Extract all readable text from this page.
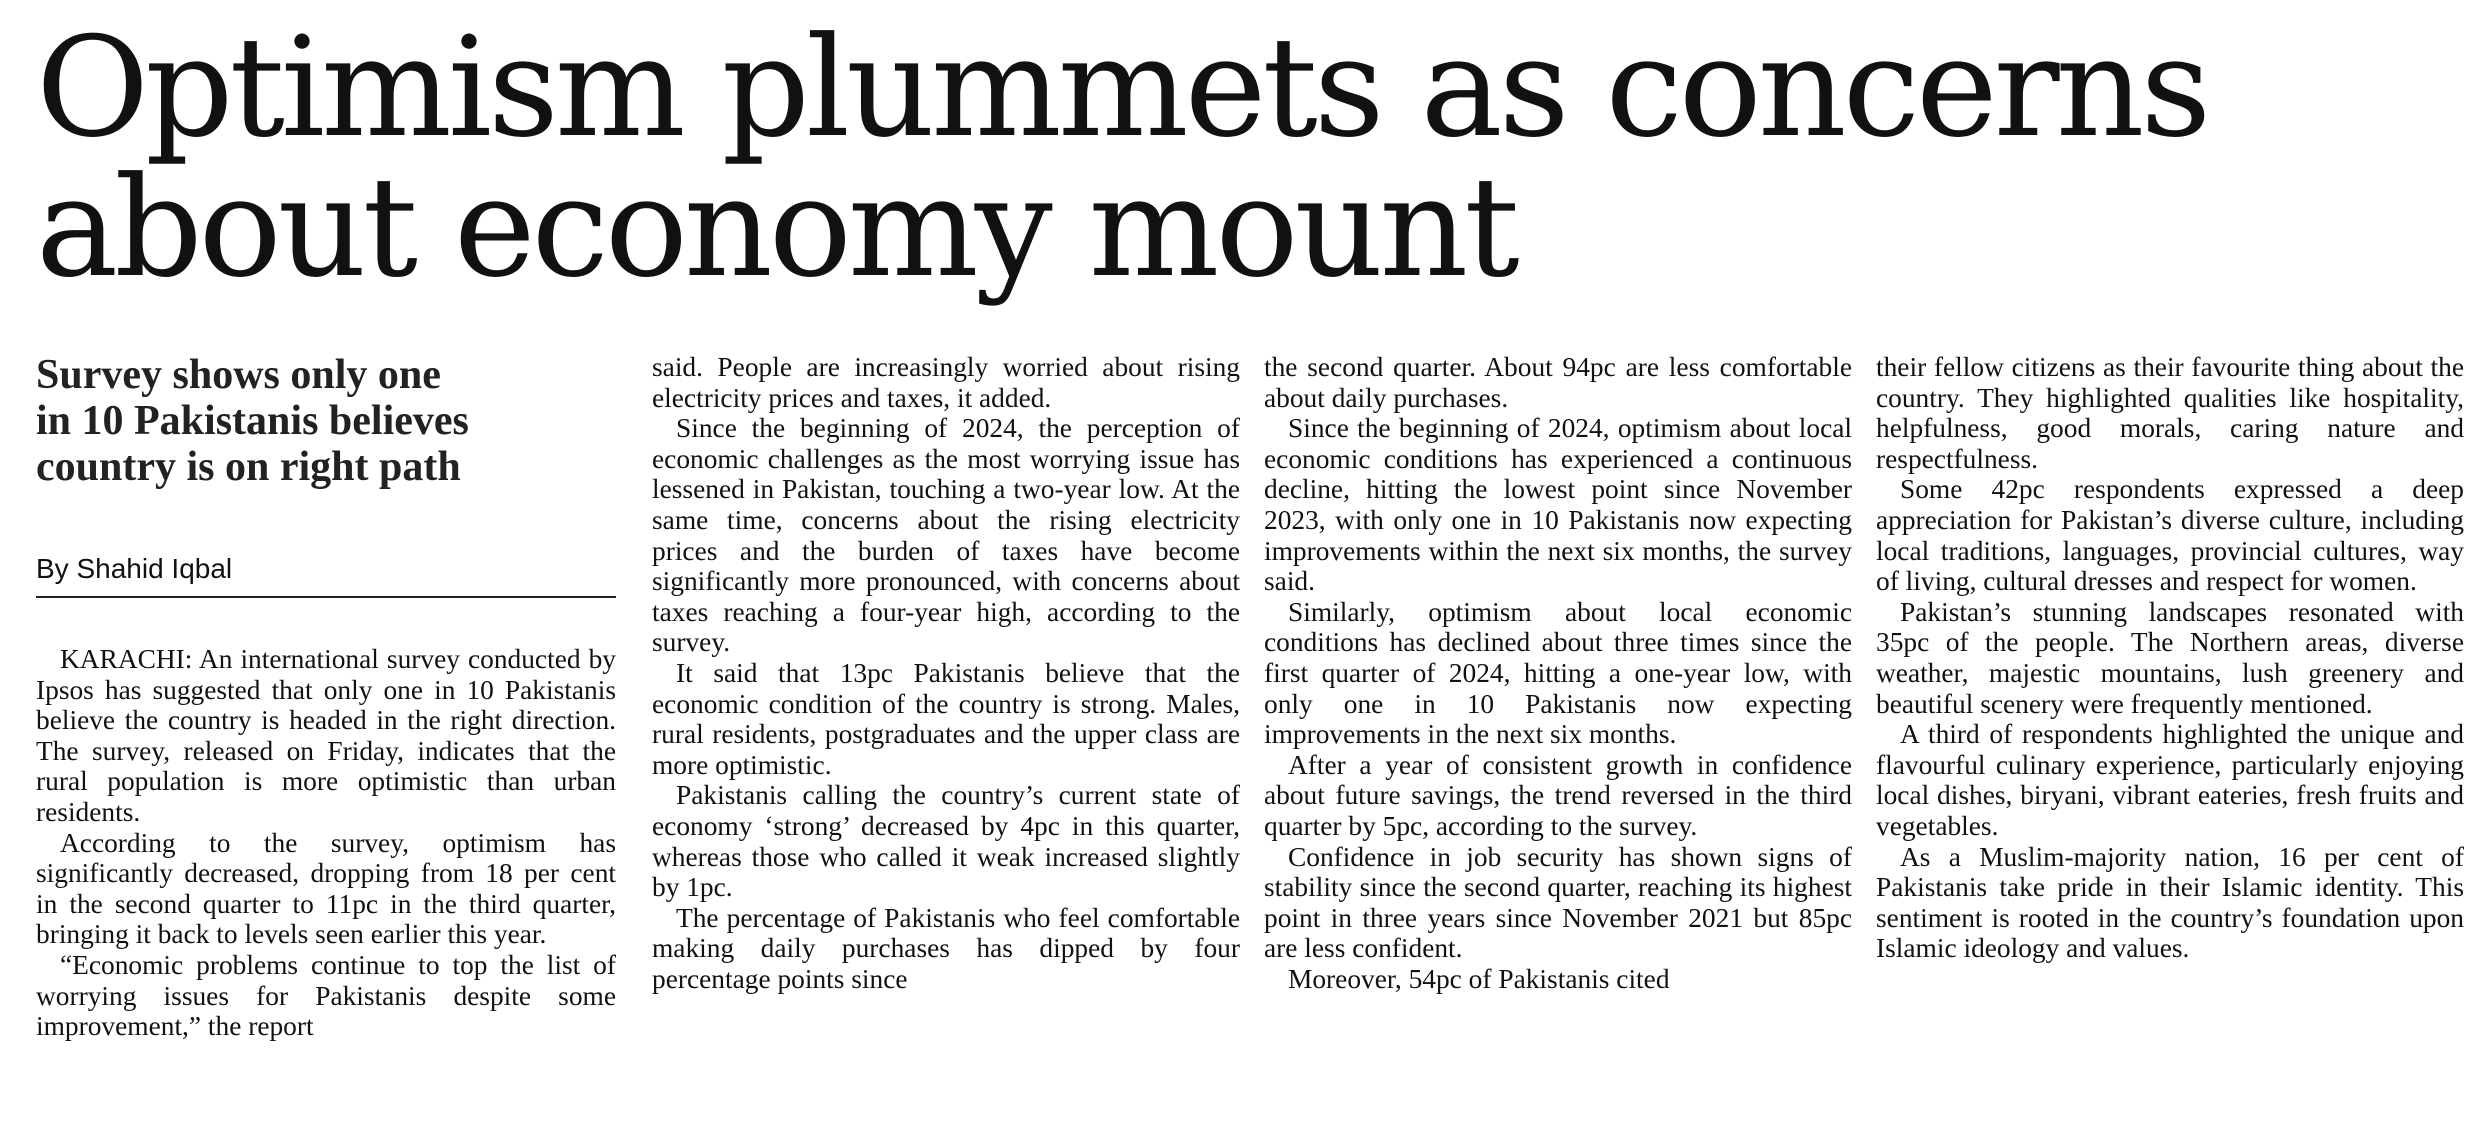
Optimism plummets as concerns
about economy mount
Survey shows only one
in 10 Pakistanis believes
country is on right path
By Shahid Iqbal

KARACHI: An international survey conducted by Ipsos has suggested that only one in 10 Pakistanis believe the country is headed in the right direction. The survey, released on Friday, indicates that the rural population is more optimistic than urban residents.

According to the survey, optimism has significantly decreased, dropping from 18 per cent in the second quarter to 11pc in the third quarter, bringing it back to levels seen earlier this year.

“Economic problems continue to top the list of worrying issues for Pakistanis despite some improvement,” the report

said. People are increasingly worried about rising electricity prices and taxes, it added.

Since the beginning of 2024, the perception of economic challenges as the most worrying issue has lessened in Pakistan, touching a two-year low. At the same time, concerns about the rising electricity prices and the burden of taxes have become significantly more pronounced, with concerns about taxes reaching a four-year high, according to the survey.

It said that 13pc Pakistanis believe that the economic condition of the country is strong. Males, rural residents, postgraduates and the upper class are more optimistic.

Pakistanis calling the country’s current state of economy ‘strong’ decreased by 4pc in this quarter, whereas those who called it weak increased slightly by 1pc.

The percentage of Pakistanis who feel comfortable making daily purchases has dipped by four percentage points since

the second quarter. About 94pc are less comfortable about daily purchases.

Since the beginning of 2024, optimism about local economic conditions has experienced a continuous decline, hitting the lowest point since November 2023, with only one in 10 Pakistanis now expecting improvements within the next six months, the survey said.

Similarly, optimism about local economic conditions has declined about three times since the first quarter of 2024, hitting a one-year low, with only one in 10 Pakistanis now expecting improvements in the next six months.

After a year of consistent growth in confidence about future savings, the trend reversed in the third quarter by 5pc, according to the survey.

Confidence in job security has shown signs of stability since the second quarter, reaching its highest point in three years since November 2021 but 85pc are less confident.

Moreover, 54pc of Pakistanis cited

their fellow citizens as their favourite thing about the country. They highlighted qualities like hospitality, helpfulness, good morals, caring nature and respectfulness.

Some 42pc respondents expressed a deep appreciation for Pakistan’s diverse culture, including local traditions, languages, provincial cultures, way of living, cultural dresses and respect for women.

Pakistan’s stunning landscapes resonated with 35pc of the people. The Northern areas, diverse weather, majestic mountains, lush greenery and beautiful scenery were frequently mentioned.

A third of respondents highlighted the unique and flavourful culinary experience, particularly enjoying local dishes, biryani, vibrant eateries, fresh fruits and vegetables.

As a Muslim-majority nation, 16 per cent of Pakistanis take pride in their Islamic identity. This sentiment is rooted in the country’s foundation upon Islamic ideology and values.
